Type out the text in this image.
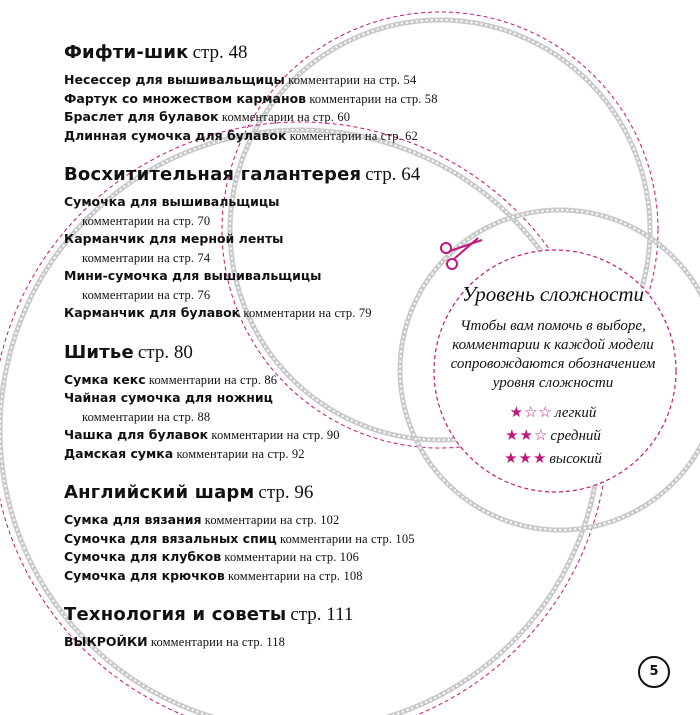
Фифти-шик стр. 48
Несессер для вышивальщицы комментарии на стр. 54
Фартук со множеством карманов комментарии на стр. 58
Браслет для булавок комментарии на стр. 60
Длинная сумочка для булавок комментарии на стр. 62
Восхитительная галантерея стр. 64
Сумочка для вышивальщицы
комментарии на стр. 70
Карманчик для мерной ленты
комментарии на стр. 74
Мини-сумочка для вышивальщицы
комментарии на стр. 76
Карманчик для булавок комментарии на стр. 79
Шитье стр. 80
Сумка кекс комментарии на стр. 86
Чайная сумочка для ножниц
комментарии на стр. 88
Чашка для булавок комментарии на стр. 90
Дамская сумка комментарии на стр. 92
Английский шарм стр. 96
Сумка для вязания комментарии на стр. 102
Сумочка для вязальных спиц комментарии на стр. 105
Сумочка для клубков комментарии на стр. 106
Сумочка для крючков комментарии на стр. 108
Технология и советы стр. 111
ВЫКРОЙКИ комментарии на стр. 118
Уровень сложности
Чтобы вам помочь в выборе, комментарии к каждой модели сопровождаются обозначением уровня сложности
★☆☆ легкий
★★☆ средний
★★★ высокий
5
